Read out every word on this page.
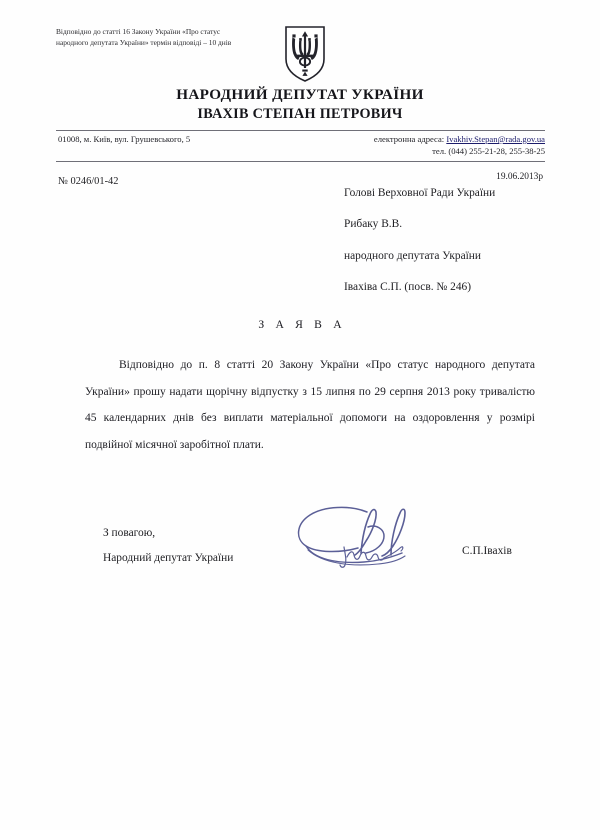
Відповідно до статті 16 Закону України «Про статус народного депутата України» термін відповіді – 10 днів
НАРОДНИЙ ДЕПУТАТ УКРАЇНИ
ІВАХІВ СТЕПАН ПЕТРОВИЧ
01008, м. Київ, вул. Грушевського, 5	електронна адреса: Ivakhiv.Stepan@rada.gov.ua
тел. (044) 255-21-28, 255-38-25
№ 0246/01-42	19.06.2013р
Голові Верховної Ради України
Рибаку В.В.
народного депутата України
Івахіва С.П. (посв. № 246)
З А Я В А
Відповідно до п. 8 статті 20 Закону України «Про статус народного депутата України» прошу надати щорічну відпустку з 15 липня по 29 серпня 2013 року тривалістю 45 календарних днів без виплати матеріальної допомоги на оздоровлення у розмірі подвійної місячної заробітної плати.
З повагою,
Народний депутат України
С.П.Івахів
